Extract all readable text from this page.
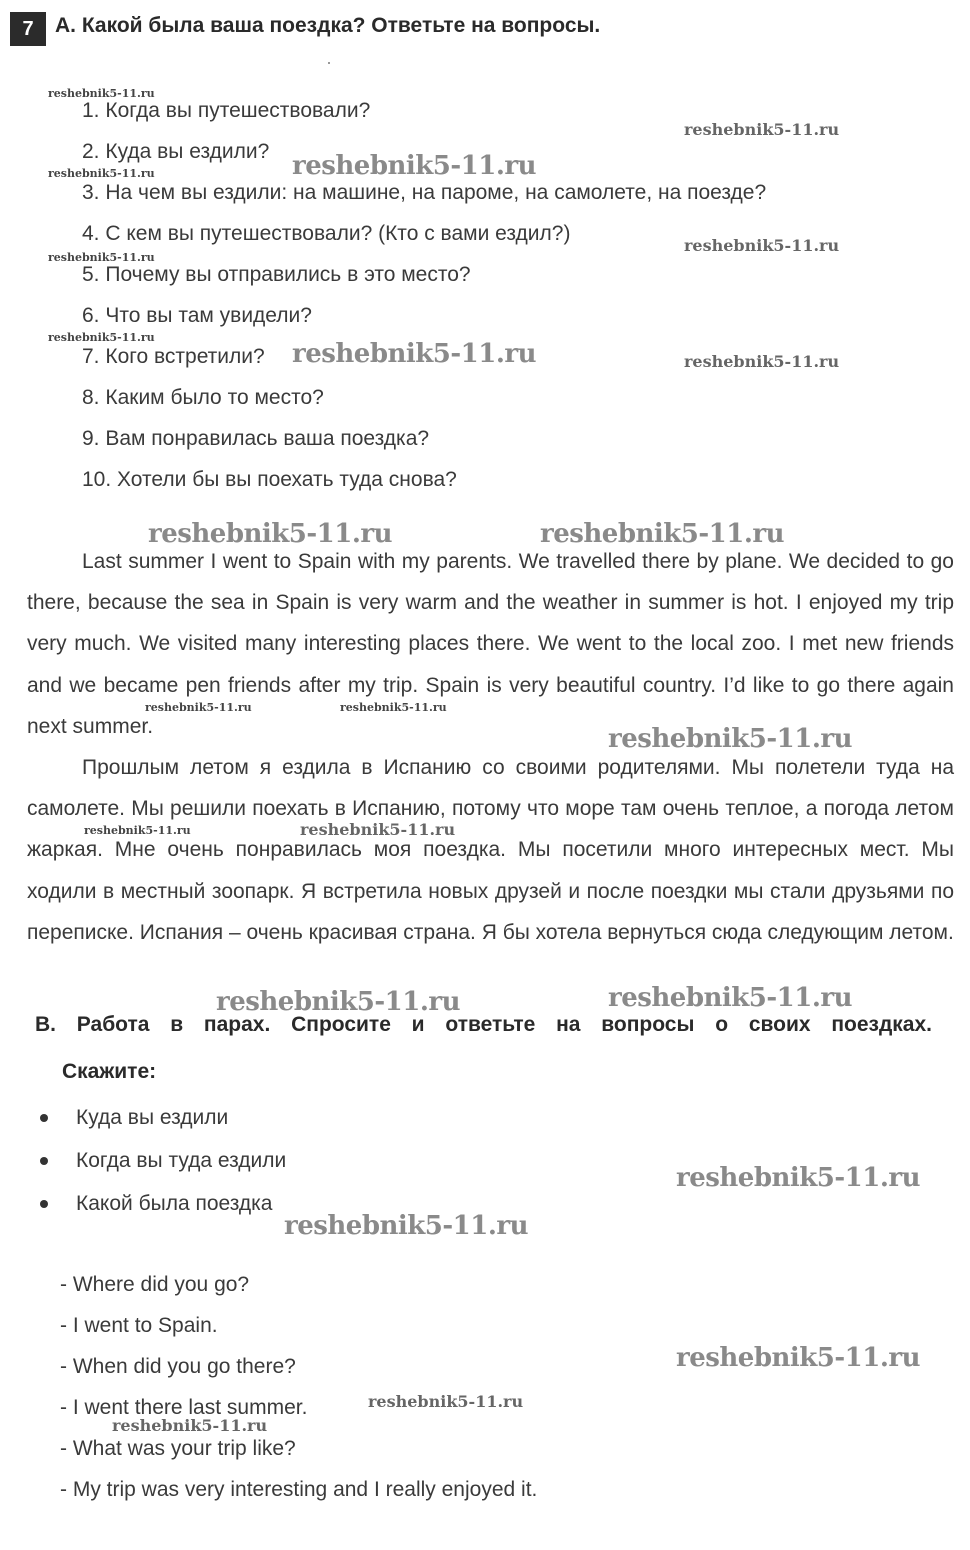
7	А. Какой была ваша поездка? Ответьте на вопросы.
1. Когда вы путешествовали?
2. Куда вы ездили?
3. На чем вы ездили: на машине, на пароме, на самолете, на поезде?
4. С кем вы путешествовали? (Кто с вами ездил?)
5. Почему вы отправились в это место?
6. Что вы там увидели?
7. Кого встретили?
8. Каким было то место?
9. Вам понравилась ваша поездка?
10. Хотели бы вы поехать туда снова?

Last summer I went to Spain with my parents. We travelled there by plane. We decided to go there, because the sea in Spain is very warm and the weather in summer is hot. I enjoyed my trip very much. We visited many interesting places there. We went to the local zoo. I met new friends and we became pen friends after my trip. Spain is very beautiful country. I’d like to go there again next summer.

Прошлым летом я ездила в Испанию со своими родителями. Мы полетели туда на самолете. Мы решили поехать в Испанию, потому что море там очень теплое, а погода летом жаркая. Мне очень понравилась моя поездка. Мы посетили много интересных мест. Мы ходили в местный зоопарк. Я встретила новых друзей и после поездки мы стали друзьями по переписке. Испания – очень красивая страна. Я бы хотела вернуться сюда следующим летом.

B. Работа в парах. Спросите и ответьте на вопросы о своих поездках.

Скажите:
Куда вы ездили
Когда вы туда ездили
Какой была поездка
- Where did you go?
- I went to Spain.
- When did you go there?
- I went there last summer.
- What was your trip like?
- My trip was very interesting and I really enjoyed it.
reshebnik5-11.ru
reshebnik5-11.ru
reshebnik5-11.ru
reshebnik5-11.ru
reshebnik5-11.ru
reshebnik5-11.ru
reshebnik5-11.ru
reshebnik5-11.ru	reshebnik5-11.ru
reshebnik5-11.ru	reshebnik5-11.ru
reshebnik5-11.ru	reshebnik5-11.ru
reshebnik5-11.ru
reshebnik5-11.ru	reshebnik5-11.ru
reshebnik5-11.ru	reshebnik5-11.ru
reshebnik5-11.ru
reshebnik5-11.ru
reshebnik5-11.ru
reshebnik5-11.ru
reshebnik5-11.ru
